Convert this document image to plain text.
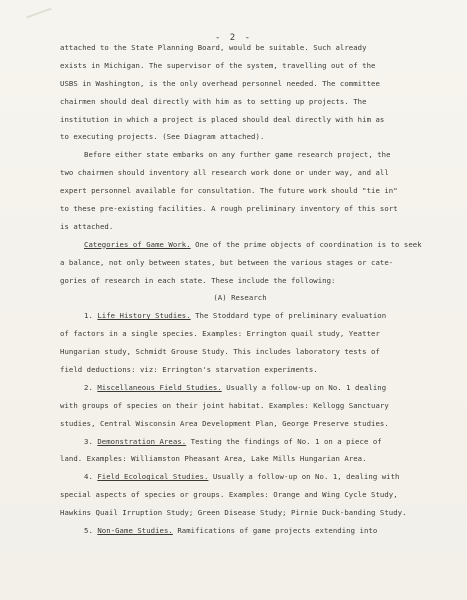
- 2 -
attached to the State Planning Board, would be suitable. Such already
exists in Michigan. The supervisor of the system, travelling out of the
USBS in Washington, is the only overhead personnel needed. The committee
chairmen should deal directly with him as to setting up projects. The
institution in which a project is placed should deal directly with him as
to executing projects. (See Diagram attached).
Before either state embarks on any further game research project, the
two chairmen should inventory all research work done or under way, and all
expert personnel available for consultation. The future work should "tie in"
to these pre-existing facilities. A rough preliminary inventory of this sort
is attached.
Categories of Game Work. One of the prime objects of coordination is to seek
a balance, not only between states, but between the various stages or cate-
gories of research in each state. These include the following:
(A) Research
1. Life History Studies. The Stoddard type of preliminary evaluation
of factors in a single species. Examples: Errington quail study, Yeatter
Hungarian study, Schmidt Grouse Study. This includes laboratory tests of
field deductions: viz: Errington's starvation experiments.
2. Miscellaneous Field Studies. Usually a follow-up on No. 1 dealing
with groups of species on their joint habitat. Examples: Kellogg Sanctuary
studies, Central Wisconsin Area Development Plan, George Preserve studies.
3. Demonstration Areas. Testing the findings of No. 1 on a piece of
land. Examples: Williamston Pheasant Area, Lake Mills Hungarian Area.
4. Field Ecological Studies. Usually a follow-up on No. 1, dealing with
special aspects of species or groups. Examples: Orange and Wing Cycle Study,
Hawkins Quail Irruption Study; Green Disease Study; Pirnie Duck-banding Study.
5. Non-Game Studies. Ramifications of game projects extending into
